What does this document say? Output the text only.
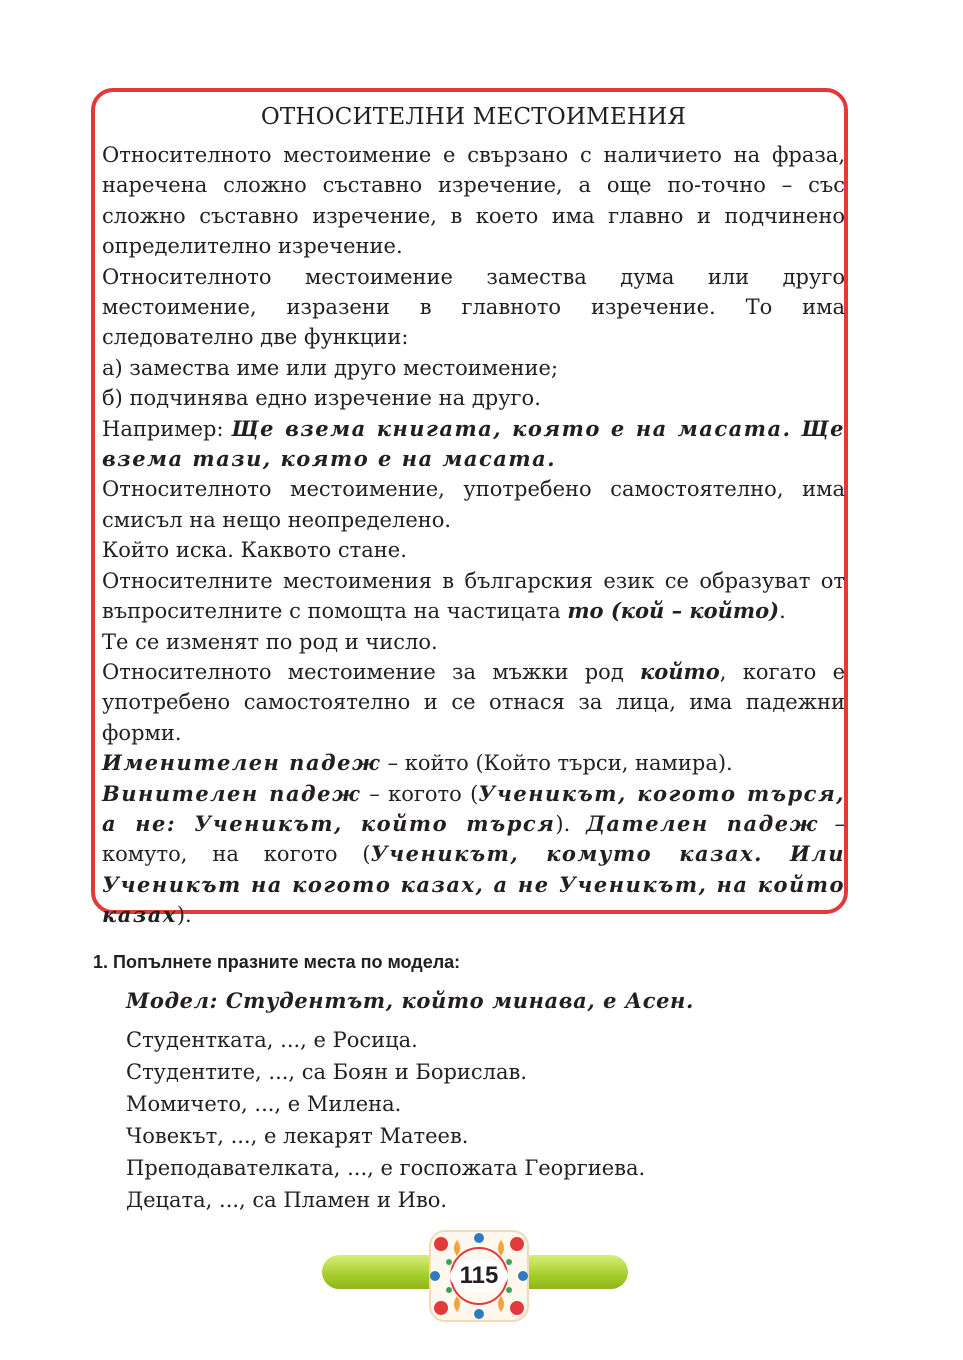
ОТНОСИТЕЛНИ МЕСТОИМЕНИЯ

Относителното местоимение е свързано с наличието на фраза, наречена сложно съставно изречение, а още по-точно – със сложно съставно изречение, в което има главно и подчинено определително изречение.

Относителното местоимение замества дума или друго местоимение, изразени в главното изречение. То има следователно две функции:

а) замества име или друго местоимение;

б) подчинява едно изречение на друго.

Например: Ще взема книгата, която е на масата. Ще взема тази, която е на масата.

Относителното местоимение, употребено самостоятелно, има смисъл на нещо неопределено.

Който иска. Каквото стане.

Относителните местоимения в българския език се образуват от въпросителните с помощта на частицата то (кой – който).

Те се изменят по род и число.

Относителното местоимение за мъжки род който, когато е употребено самостоятелно и се отнася за лица, има падежни форми.

Именителен падеж – който (Който търси, намира).

Винителен падеж – когото (Ученикът, когото търся, а не: Ученикът, който търся). Дателен падеж – комуто, на когото (Ученикът, комуто казах. Или Ученикът на когото казах, а не Ученикът, на който казах).

1. Попълнете празните места по модела:
Модел: Студентът, който минава, е Асен.
Студентката, ..., е Росица.
Студентите, ..., са Боян и Борислав.
Момичето, ..., е Милена.
Човекът, ..., е лекарят Матеев.
Преподавателката, ..., е госпожата Георгиева.
Децата, ..., са Пламен и Иво.
115
